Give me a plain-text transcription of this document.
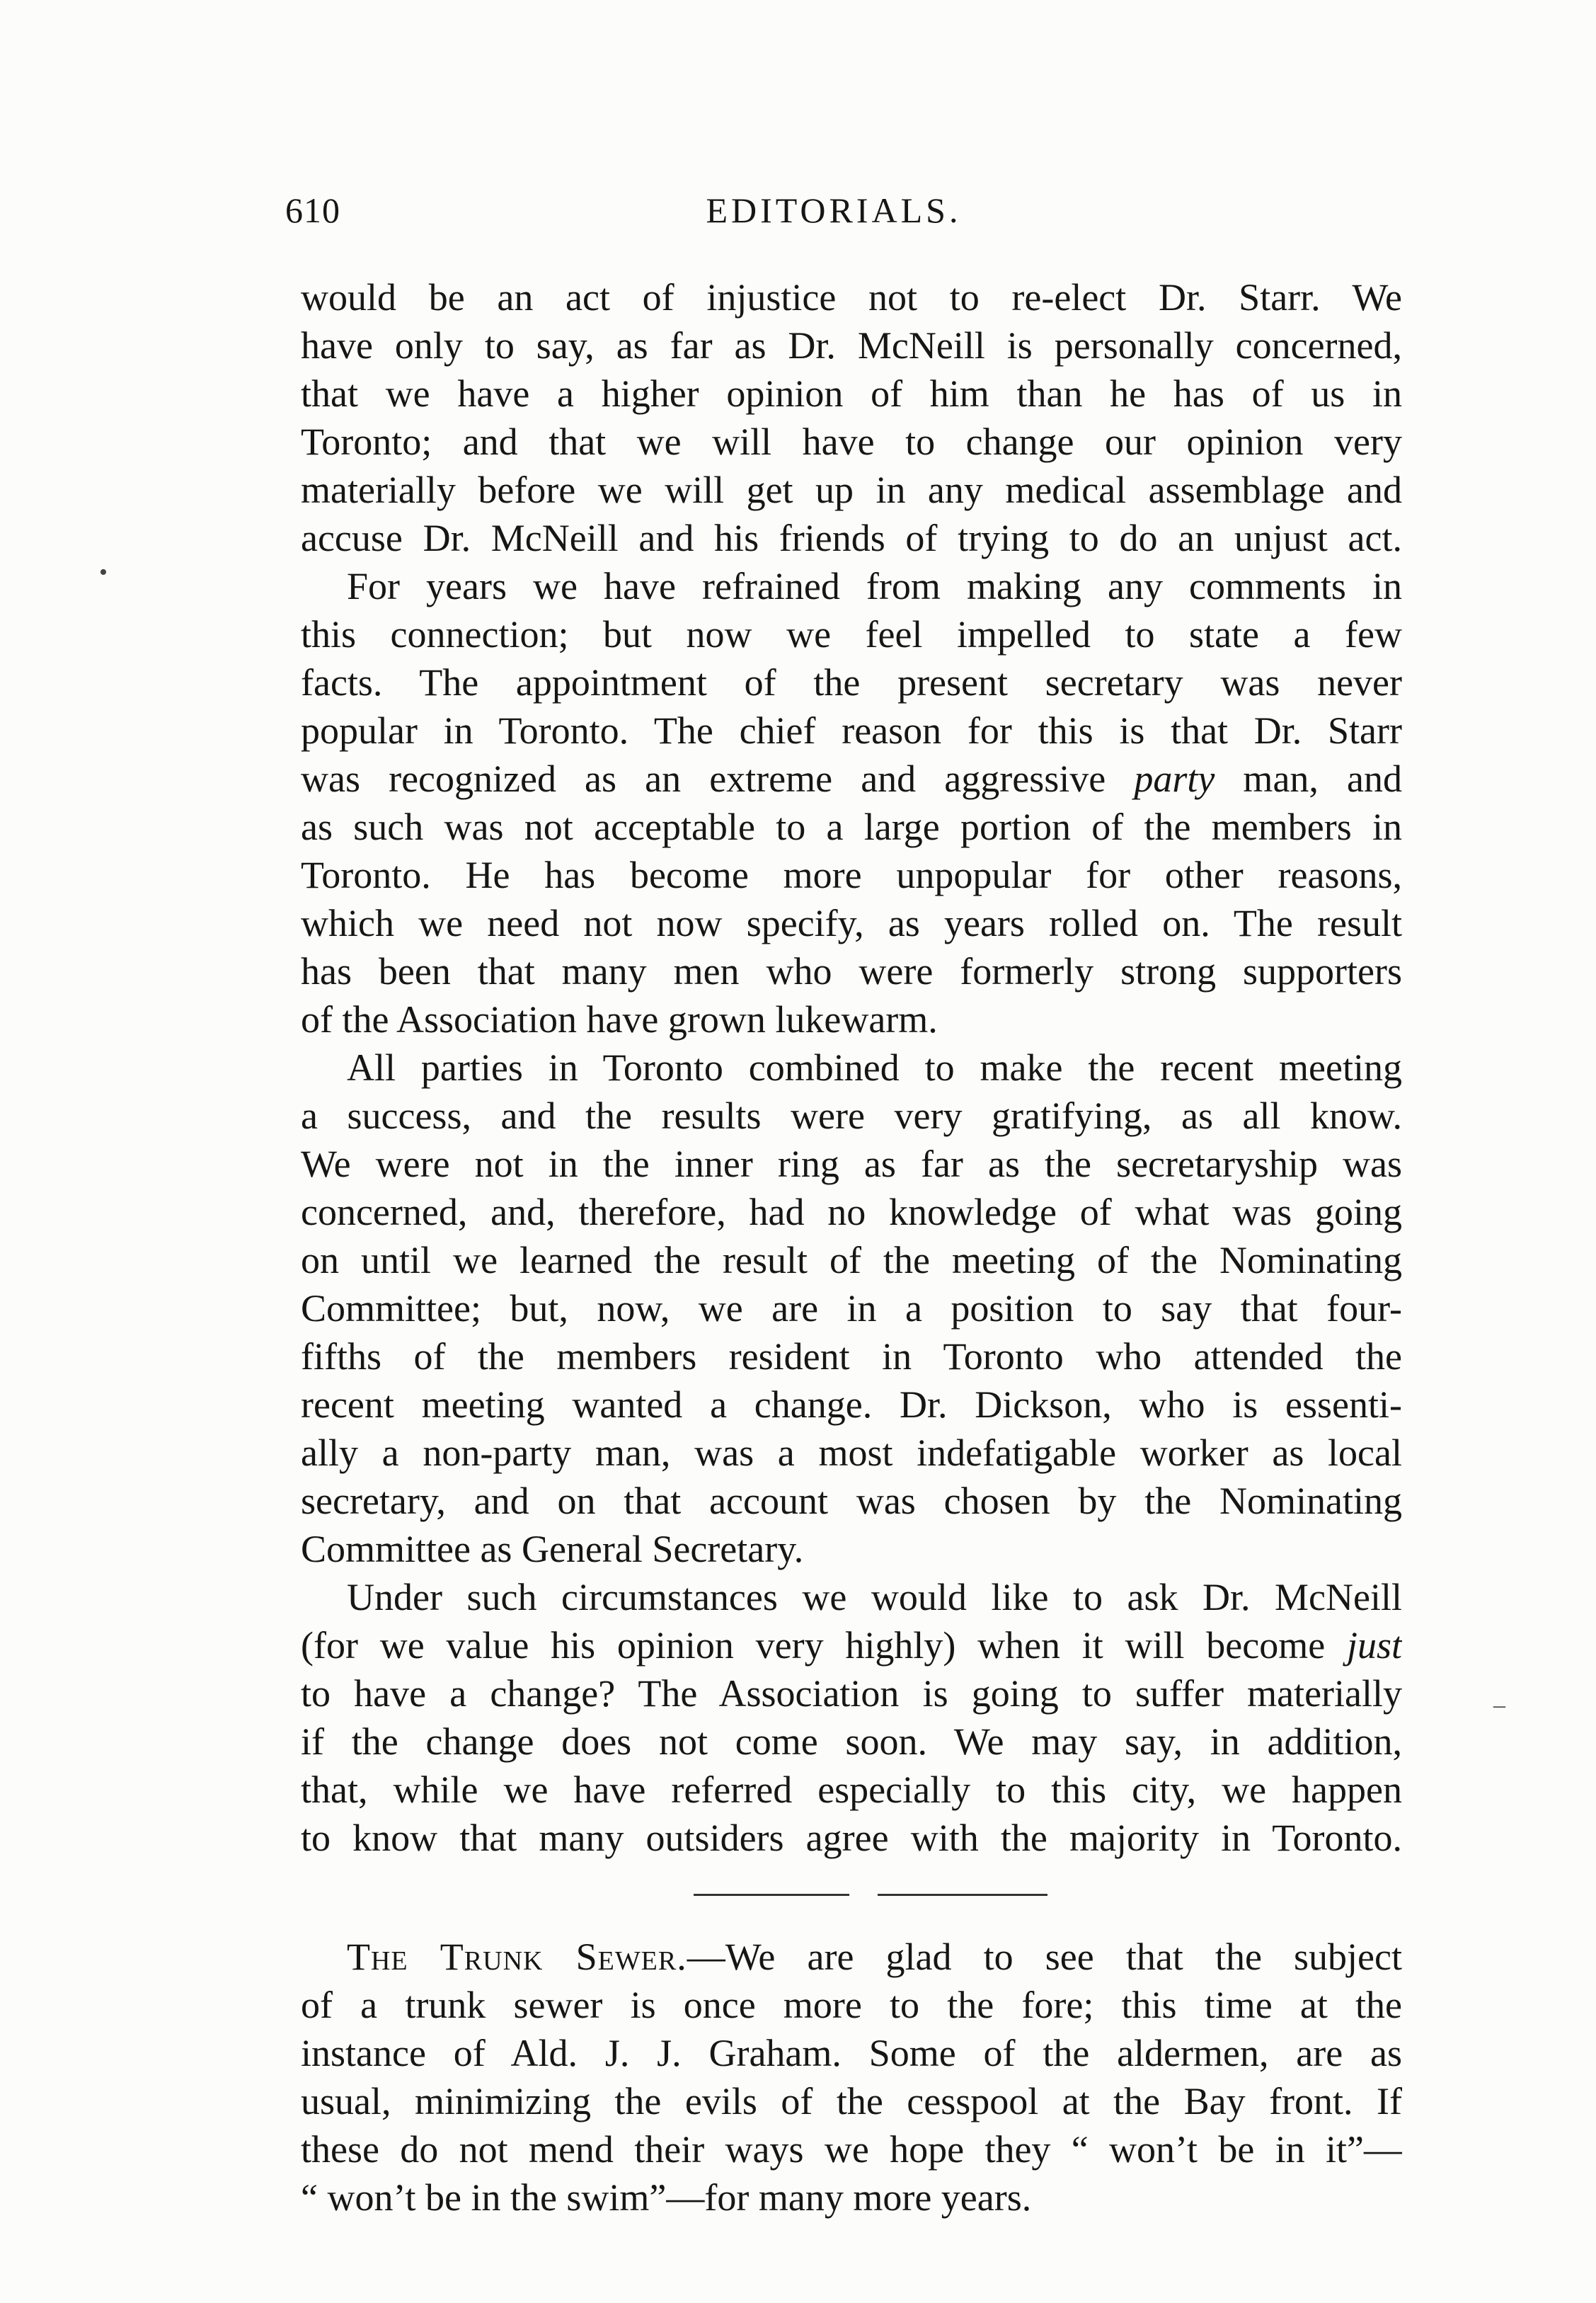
610	EDITORIALS.
would be an act of injustice not to re-elect Dr. Starr. We
have only to say, as far as Dr. McNeill is personally concerned,
that we have a higher opinion of him than he has of us in
Toronto; and that we will have to change our opinion very
materially before we will get up in any medical assemblage and
accuse Dr. McNeill and his friends of trying to do an unjust act.
For years we have refrained from making any comments in
this connection; but now we feel impelled to state a few
facts. The appointment of the present secretary was never
popular in Toronto. The chief reason for this is that Dr. Starr
was recognized as an extreme and aggressive party man, and
as such was not acceptable to a large portion of the members in
Toronto. He has become more unpopular for other reasons,
which we need not now specify, as years rolled on. The result
has been that many men who were formerly strong supporters
of the Association have grown lukewarm.
All parties in Toronto combined to make the recent meeting
a success, and the results were very gratifying, as all know.
We were not in the inner ring as far as the secretaryship was
concerned, and, therefore, had no knowledge of what was going
on until we learned the result of the meeting of the Nominating
Committee; but, now, we are in a position to say that four-
fifths of the members resident in Toronto who attended the
recent meeting wanted a change. Dr. Dickson, who is essenti-
ally a non-party man, was a most indefatigable worker as local
secretary, and on that account was chosen by the Nominating
Committee as General Secretary.
Under such circumstances we would like to ask Dr. McNeill
(for we value his opinion very highly) when it will become just
to have a change? The Association is going to suffer materially
if the change does not come soon. We may say, in addition,
that, while we have referred especially to this city, we happen
to know that many outsiders agree with the majority in Toronto.
The Trunk Sewer.—We are glad to see that the subject
of a trunk sewer is once more to the fore; this time at the
instance of Ald. J. J. Graham. Some of the aldermen, are as
usual, minimizing the evils of the cesspool at the Bay front. If
these do not mend their ways we hope they “ won’t be in it”—
“ won’t be in the swim”—for many more years.
•
–
